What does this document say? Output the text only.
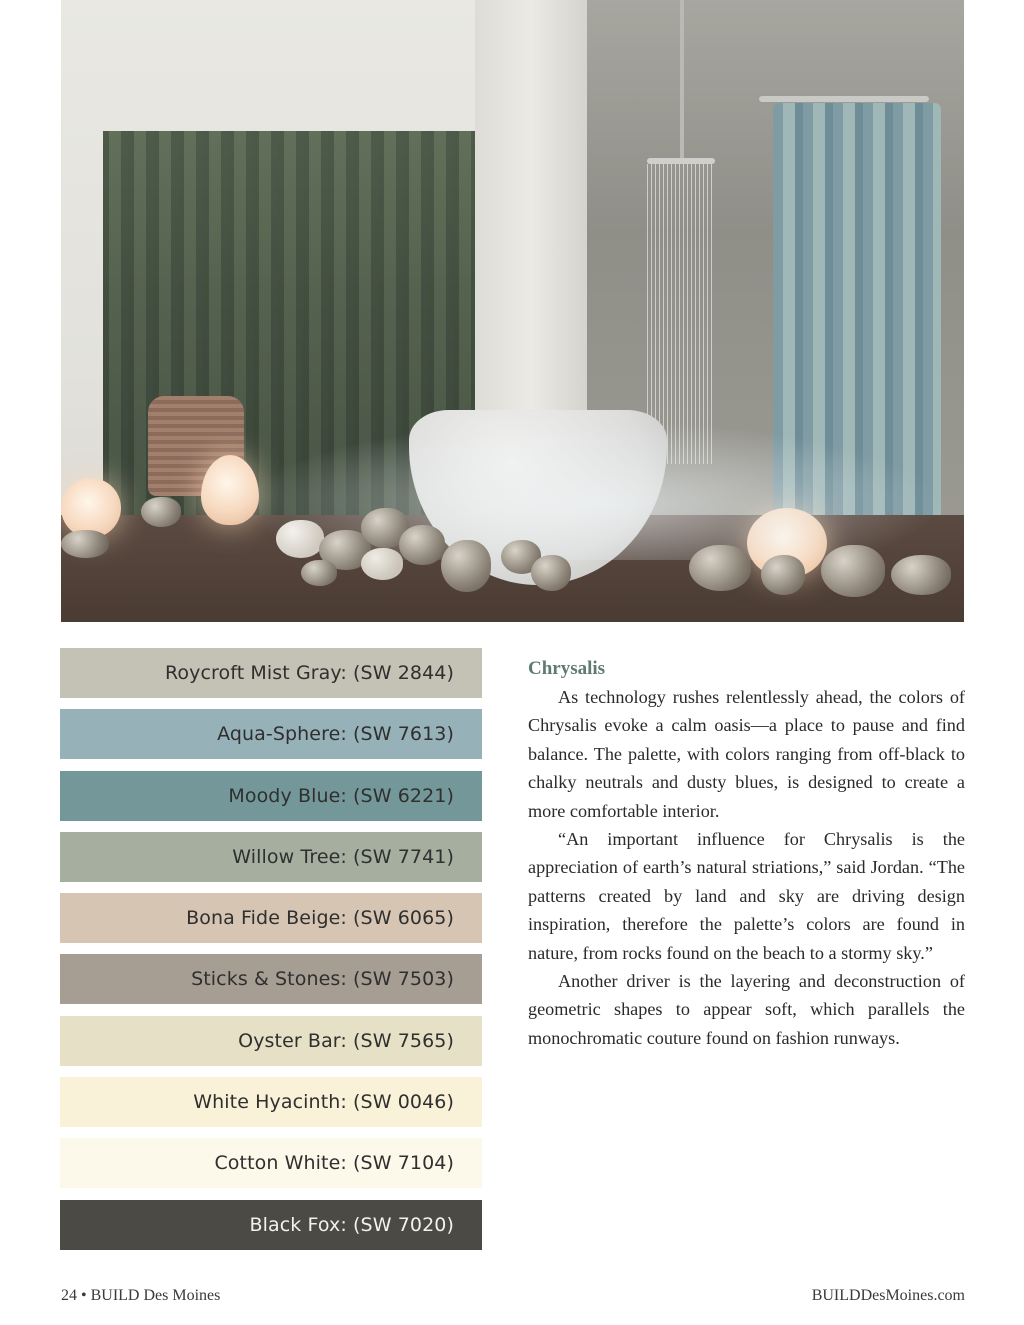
Roycroft Mist Gray: (SW 2844)
Aqua-Sphere: (SW 7613)
Moody Blue: (SW 6221)
Willow Tree: (SW 7741)
Bona Fide Beige: (SW 6065)
Sticks & Stones: (SW 7503)
Oyster Bar: (SW 7565)
White Hyacinth: (SW 0046)
Cotton White: (SW 7104)
Black Fox: (SW 7020)
Chrysalis

As technology rushes relentlessly ahead, the colors of Chrysalis evoke a calm oasis—a place to pause and find balance. The palette, with colors ranging from off-black to chalky neutrals and dusty blues, is designed to create a more comfortable interior.

“An important influence for Chrysalis is the appreciation of earth’s natural striations,” said Jordan. “The patterns created by land and sky are driving design inspiration, therefore the palette’s colors are found in nature, from rocks found on the beach to a stormy sky.”

Another driver is the layering and deconstruction of geometric shapes to appear soft, which parallels the monochromatic couture found on fashion runways.

24 • BUILD Des Moines	BUILDDesMoines.com
